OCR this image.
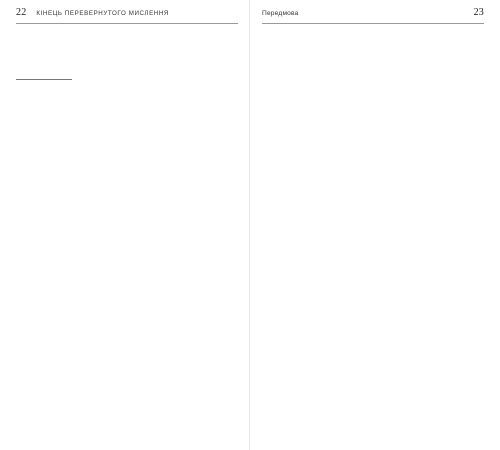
22 КІНЕЦЬ ПЕРЕВЕРНУТОГО МИСЛЕННЯ	Передмова	23
